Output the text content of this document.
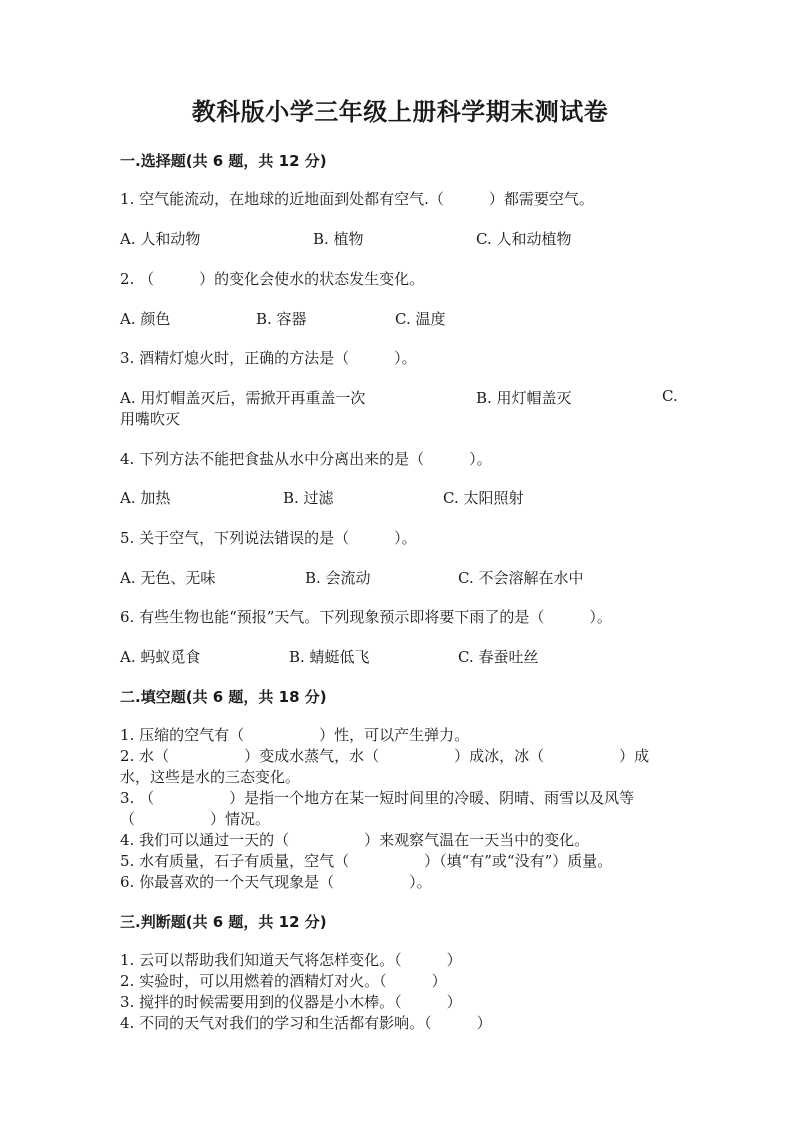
教科版小学三年级上册科学期末测试卷
一.选择题(共 6 题，共 12 分)
1. 空气能流动，在地球的近地面到处都有空气.（　　　）都需要空气。
A. 人和动物	B. 植物	C. 人和动植物
2. （　　　）的变化会使水的状态发生变化。
A. 颜色	B. 容器	C. 温度
3. 酒精灯熄火时，正确的方法是（　　　）。
A. 用灯帽盖灭后，需掀开再重盖一次	B. 用灯帽盖灭	C.
用嘴吹灭
4. 下列方法不能把食盐从水中分离出来的是（　　　）。
A. 加热	B. 过滤	C. 太阳照射
5. 关于空气，下列说法错误的是（　　　）。
A. 无色、无味	B. 会流动	C. 不会溶解在水中
6. 有些生物也能“预报”天气。下列现象预示即将要下雨了的是（　　　）。
A. 蚂蚁觅食	B. 蜻蜓低飞	C. 春蚕吐丝
二.填空题(共 6 题，共 18 分)
1. 压缩的空气有（　　　　　）性，可以产生弹力。
2. 水（　　　　　）变成水蒸气，水（　　　　　）成冰，冰（　　　　　）成
水，这些是水的三态变化。
3. （　　　　　）是指一个地方在某一短时间里的冷暖、阴晴、雨雪以及风等
（　　　　　）情况。
4. 我们可以通过一天的（　　　　　）来观察气温在一天当中的变化。
5. 水有质量，石子有质量，空气（　　　　　）（填“有”或“没有”）质量。
6. 你最喜欢的一个天气现象是（　　　　　）。
三.判断题(共 6 题，共 12 分)
1. 云可以帮助我们知道天气将怎样变化。（　　　）
2. 实验时，可以用燃着的酒精灯对火。（　　　）
3. 搅拌的时候需要用到的仪器是小木棒。（　　　）
4. 不同的天气对我们的学习和生活都有影响。（　　　）
